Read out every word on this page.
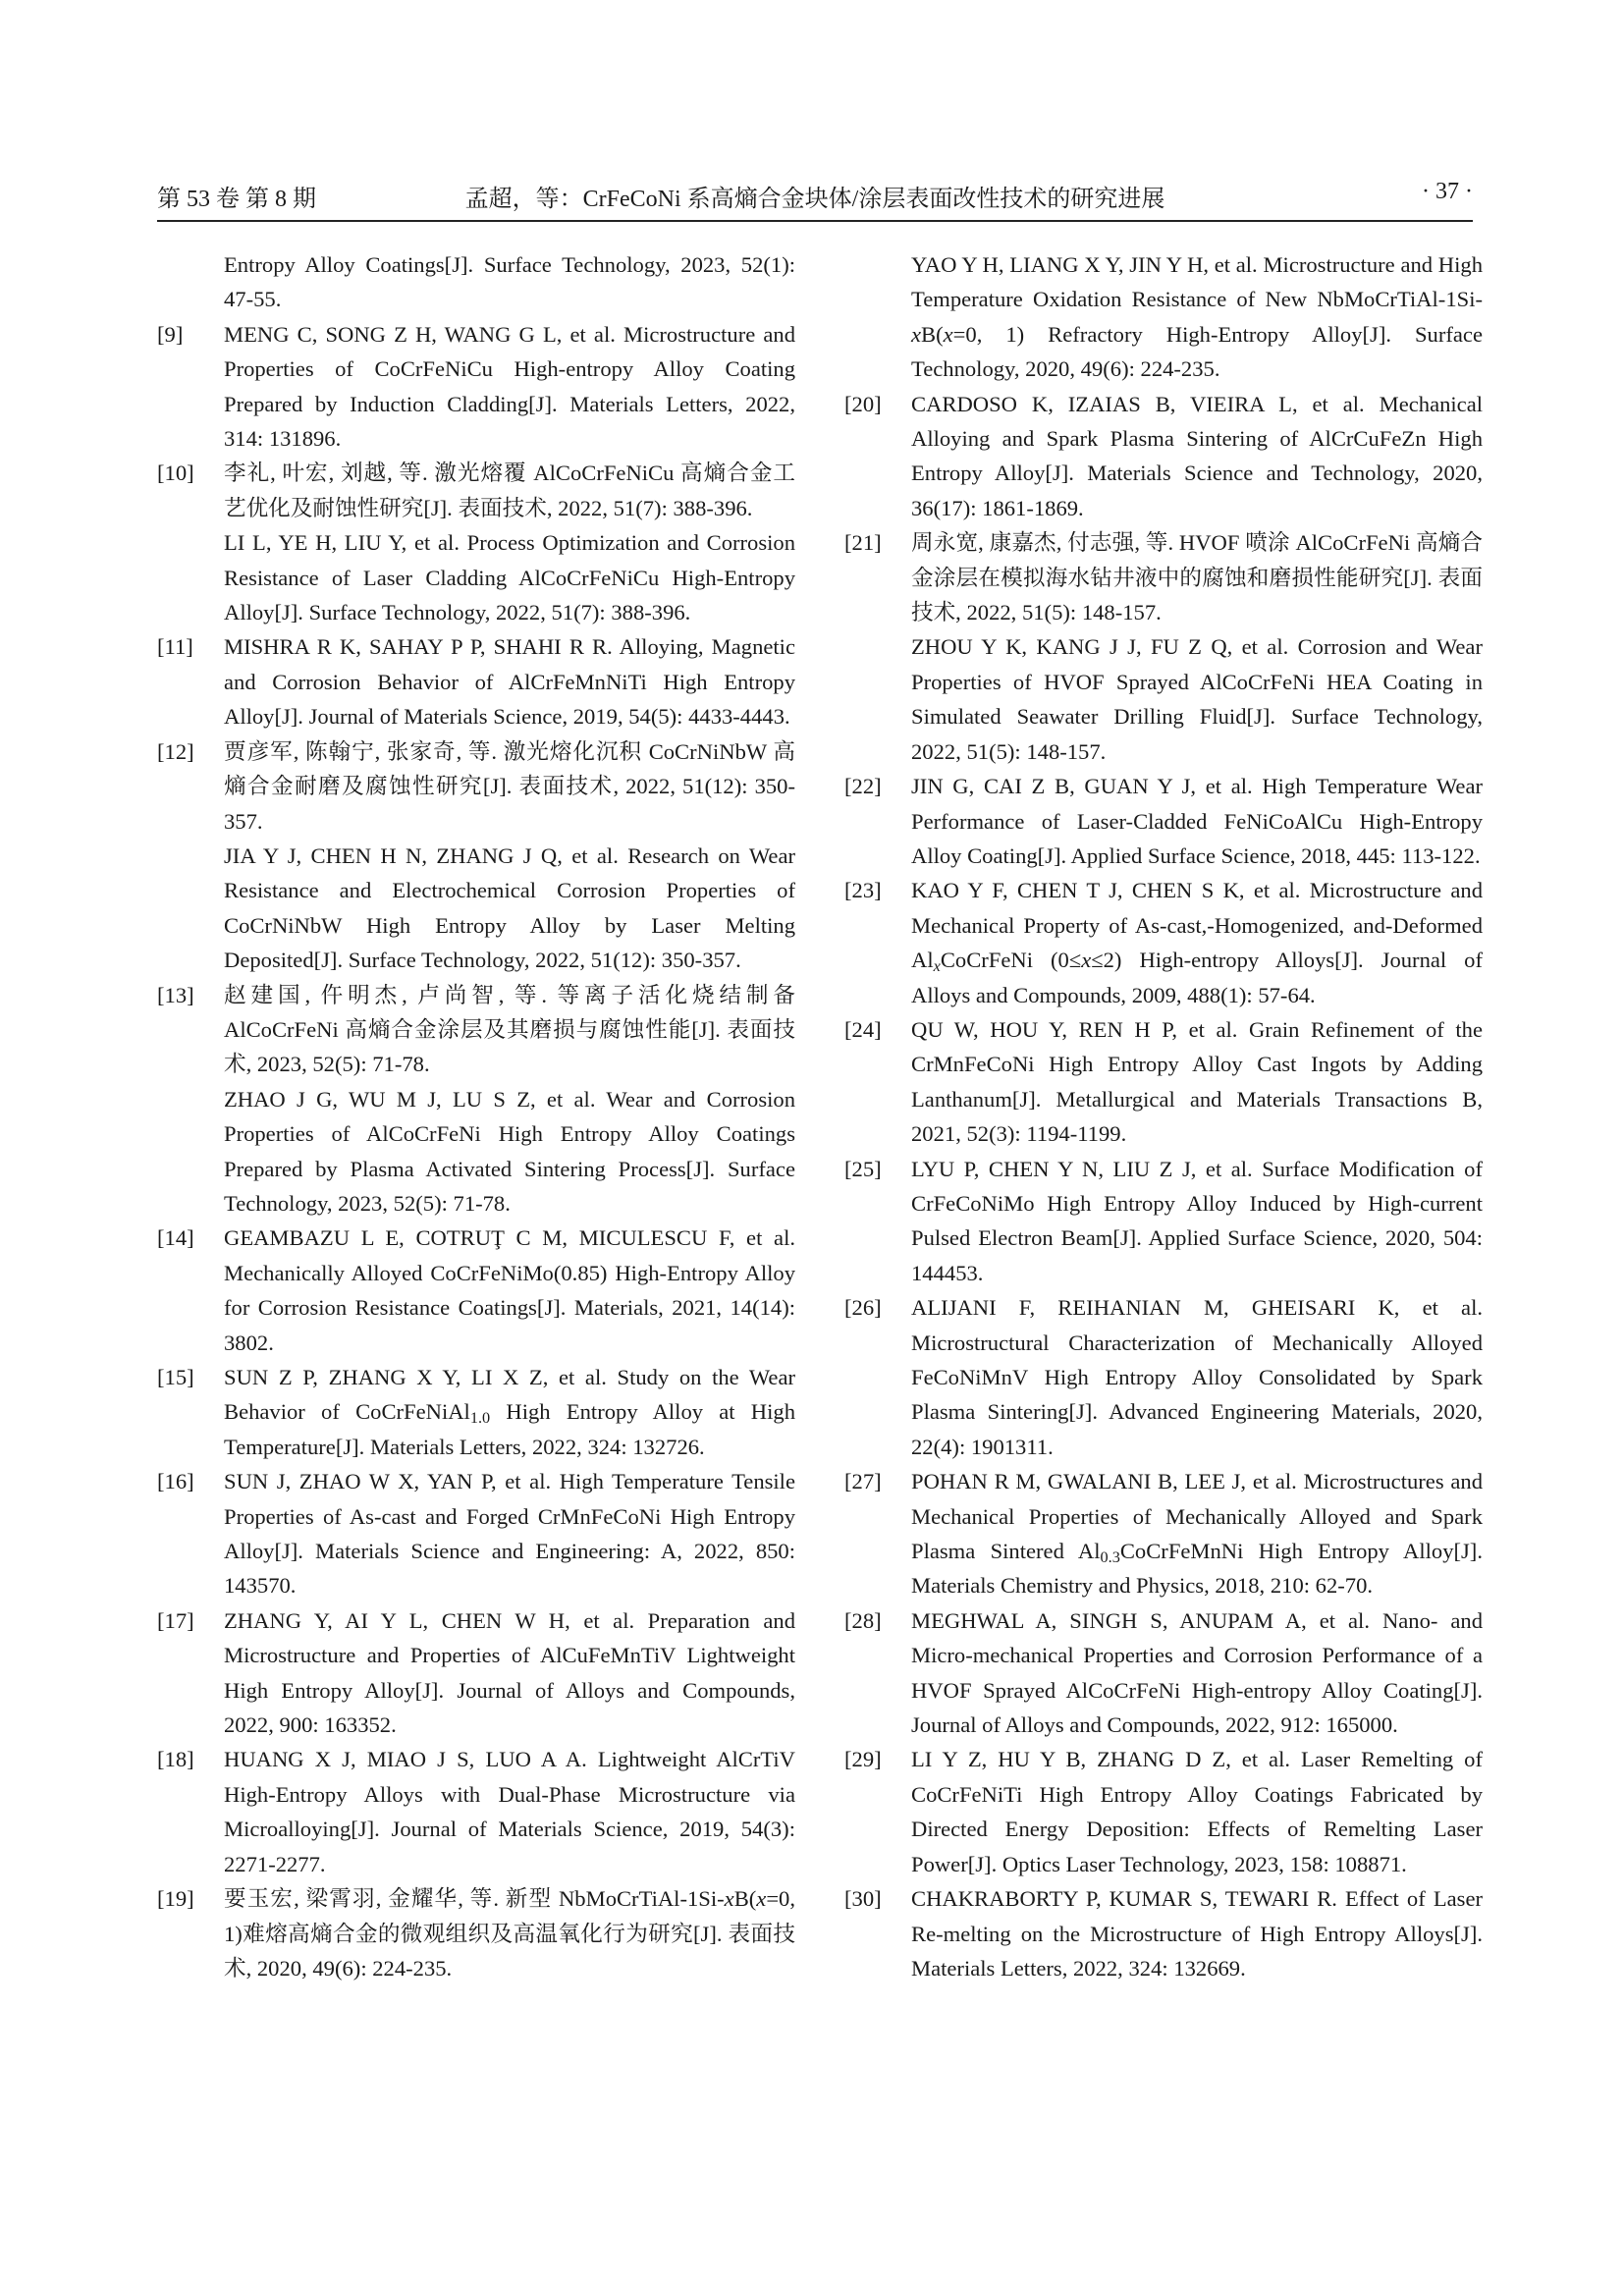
第 53 卷 第 8 期	孟超，等：CrFeCoNi 系高熵合金块体/涂层表面改性技术的研究进展	· 37 ·

Entropy Alloy Coatings[J]. Surface Technology, 2023, 52(1): 47-55.

[9] MENG C, SONG Z H, WANG G L, et al. Microstructure and Properties of CoCrFeNiCu High-entropy Alloy Coating Prepared by Induction Cladding[J]. Materials Letters, 2022, 314: 131896.

[10] 李礼, 叶宏, 刘越, 等. 激光熔覆 AlCoCrFeNiCu 高熵合金工艺优化及耐蚀性研究[J]. 表面技术, 2022, 51(7): 388-396.
LI L, YE H, LIU Y, et al. Process Optimization and Corrosion Resistance of Laser Cladding AlCoCrFeNiCu High-Entropy Alloy[J]. Surface Technology, 2022, 51(7): 388-396.

[11] MISHRA R K, SAHAY P P, SHAHI R R. Alloying, Magnetic and Corrosion Behavior of AlCrFeMnNiTi High Entropy Alloy[J]. Journal of Materials Science, 2019, 54(5): 4433-4443.

[12] 贾彦军, 陈翰宁, 张家奇, 等. 激光熔化沉积 CoCrNiNbW 高熵合金耐磨及腐蚀性研究[J]. 表面技术, 2022, 51(12): 350-357.
JIA Y J, CHEN H N, ZHANG J Q, et al. Research on Wear Resistance and Electrochemical Corrosion Properties of CoCrNiNbW High Entropy Alloy by Laser Melting Deposited[J]. Surface Technology, 2022, 51(12): 350-357.

[13] 赵建国, 仵明杰, 卢尚智, 等. 等离子活化烧结制备 AlCoCrFeNi 高熵合金涂层及其磨损与腐蚀性能[J]. 表面技术, 2023, 52(5): 71-78.
ZHAO J G, WU M J, LU S Z, et al. Wear and Corrosion Properties of AlCoCrFeNi High Entropy Alloy Coatings Prepared by Plasma Activated Sintering Process[J]. Surface Technology, 2023, 52(5): 71-78.

[14] GEAMBAZU L E, COTRUŢ C M, MICULESCU F, et al. Mechanically Alloyed CoCrFeNiMo(0.85) High-Entropy Alloy for Corrosion Resistance Coatings[J]. Materials, 2021, 14(14): 3802.

[15] SUN Z P, ZHANG X Y, LI X Z, et al. Study on the Wear Behavior of CoCrFeNiAl$_{1.0}$ High Entropy Alloy at High Temperature[J]. Materials Letters, 2022, 324: 132726.

[16] SUN J, ZHAO W X, YAN P, et al. High Temperature Tensile Properties of As-cast and Forged CrMnFeCoNi High Entropy Alloy[J]. Materials Science and Engineering: A, 2022, 850: 143570.

[17] ZHANG Y, AI Y L, CHEN W H, et al. Preparation and Microstructure and Properties of AlCuFeMnTiV Lightweight High Entropy Alloy[J]. Journal of Alloys and Compounds, 2022, 900: 163352.

[18] HUANG X J, MIAO J S, LUO A A. Lightweight AlCrTiV High-Entropy Alloys with Dual-Phase Microstructure via Microalloying[J]. Journal of Materials Science, 2019, 54(3): 2271-2277.

[19] 要玉宏, 梁霄羽, 金耀华, 等. 新型 NbMoCrTiAl-1Si-xB(x=0, 1)难熔高熵合金的微观组织及高温氧化行为研究[J]. 表面技术, 2020, 49(6): 224-235.

YAO Y H, LIANG X Y, JIN Y H, et al. Microstructure and High Temperature Oxidation Resistance of New NbMoCrTiAl-1Si-xB(x=0, 1) Refractory High-Entropy Alloy[J]. Surface Technology, 2020, 49(6): 224-235.

[20] CARDOSO K, IZAIAS B, VIEIRA L, et al. Mechanical Alloying and Spark Plasma Sintering of AlCrCuFeZn High Entropy Alloy[J]. Materials Science and Technology, 2020, 36(17): 1861-1869.

[21] 周永宽, 康嘉杰, 付志强, 等. HVOF 喷涂 AlCoCrFeNi 高熵合金涂层在模拟海水钻井液中的腐蚀和磨损性能研究[J]. 表面技术, 2022, 51(5): 148-157.
ZHOU Y K, KANG J J, FU Z Q, et al. Corrosion and Wear Properties of HVOF Sprayed AlCoCrFeNi HEA Coating in Simulated Seawater Drilling Fluid[J]. Surface Technology, 2022, 51(5): 148-157.

[22] JIN G, CAI Z B, GUAN Y J, et al. High Temperature Wear Performance of Laser-Cladded FeNiCoAlCu High-Entropy Alloy Coating[J]. Applied Surface Science, 2018, 445: 113-122.

[23] KAO Y F, CHEN T J, CHEN S K, et al. Microstructure and Mechanical Property of As-cast,-Homogenized, and-Deformed $Al_xCoCrFeNi$ (0≤x≤2) High-entropy Alloys[J]. Journal of Alloys and Compounds, 2009, 488(1): 57-64.

[24] QU W, HOU Y, REN H P, et al. Grain Refinement of the CrMnFeCoNi High Entropy Alloy Cast Ingots by Adding Lanthanum[J]. Metallurgical and Materials Transactions B, 2021, 52(3): 1194-1199.

[25] LYU P, CHEN Y N, LIU Z J, et al. Surface Modification of CrFeCoNiMo High Entropy Alloy Induced by High-current Pulsed Electron Beam[J]. Applied Surface Science, 2020, 504: 144453.

[26] ALIJANI F, REIHANIAN M, GHEISARI K, et al. Microstructural Characterization of Mechanically Alloyed FeCoNiMnV High Entropy Alloy Consolidated by Spark Plasma Sintering[J]. Advanced Engineering Materials, 2020, 22(4): 1901311.

[27] POHAN R M, GWALANI B, LEE J, et al. Microstructures and Mechanical Properties of Mechanically Alloyed and Spark Plasma Sintered $Al_{0.3}CoCrFeMnNi$ High Entropy Alloy[J]. Materials Chemistry and Physics, 2018, 210: 62-70.

[28] MEGHWAL A, SINGH S, ANUPAM A, et al. Nano- and Micro-mechanical Properties and Corrosion Performance of a HVOF Sprayed AlCoCrFeNi High-entropy Alloy Coating[J]. Journal of Alloys and Compounds, 2022, 912: 165000.

[29] LI Y Z, HU Y B, ZHANG D Z, et al. Laser Remelting of CoCrFeNiTi High Entropy Alloy Coatings Fabricated by Directed Energy Deposition: Effects of Remelting Laser Power[J]. Optics Laser Technology, 2023, 158: 108871.

[30] CHAKRABORTY P, KUMAR S, TEWARI R. Effect of Laser Re-melting on the Microstructure of High Entropy Alloys[J]. Materials Letters, 2022, 324: 132669.
